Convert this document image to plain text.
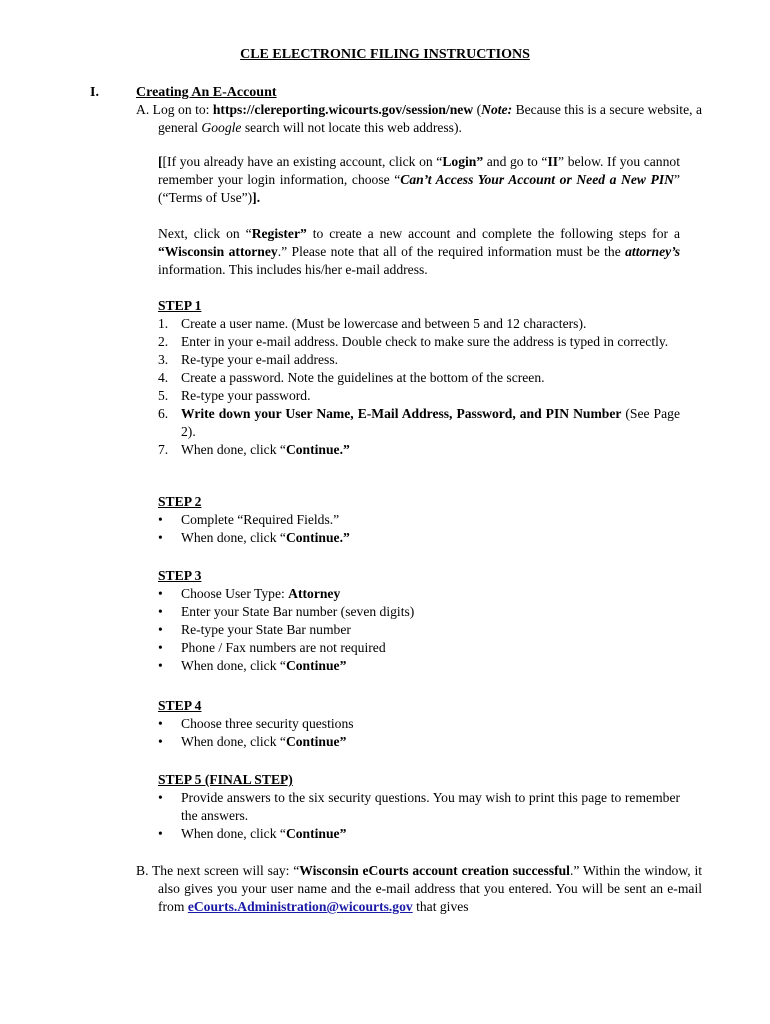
CLE ELECTRONIC FILING INSTRUCTIONS
I.	Creating An E-Account
A. Log on to: https://clereporting.wicourts.gov/session/new (Note: Because this is a secure website, a general Google search will not locate this web address).
[[If you already have an existing account, click on “Login” and go to “II” below. If you cannot remember your login information, choose “Can’t Access Your Account or Need a New PIN” (“Terms of Use”)].
Next, click on “Register” to create a new account and complete the following steps for a “Wisconsin attorney.” Please note that all of the required information must be the attorney’s information. This includes his/her e-mail address.
STEP 1
1. Create a user name. (Must be lowercase and between 5 and 12 characters).
2. Enter in your e-mail address. Double check to make sure the address is typed in correctly.
3. Re-type your e-mail address.
4. Create a password. Note the guidelines at the bottom of the screen.
5. Re-type your password.
6. Write down your User Name, E-Mail Address, Password, and PIN Number (See Page 2).
7. When done, click “Continue.”
STEP 2
•	Complete “Required Fields.”
•	When done, click “Continue.”
STEP 3
•	Choose User Type: Attorney
•	Enter your State Bar number (seven digits)
•	Re-type your State Bar number
•	Phone / Fax numbers are not required
•	When done, click “Continue”
STEP 4
•	Choose three security questions
•	When done, click “Continue”
STEP 5 (FINAL STEP)
•	Provide answers to the six security questions. You may wish to print this page to remember the answers.
•	When done, click “Continue”
B. The next screen will say: “Wisconsin eCourts account creation successful.” Within the window, it also gives you your user name and the e-mail address that you entered. You will be sent an e-mail from eCourts.Administration@wicourts.gov that gives
